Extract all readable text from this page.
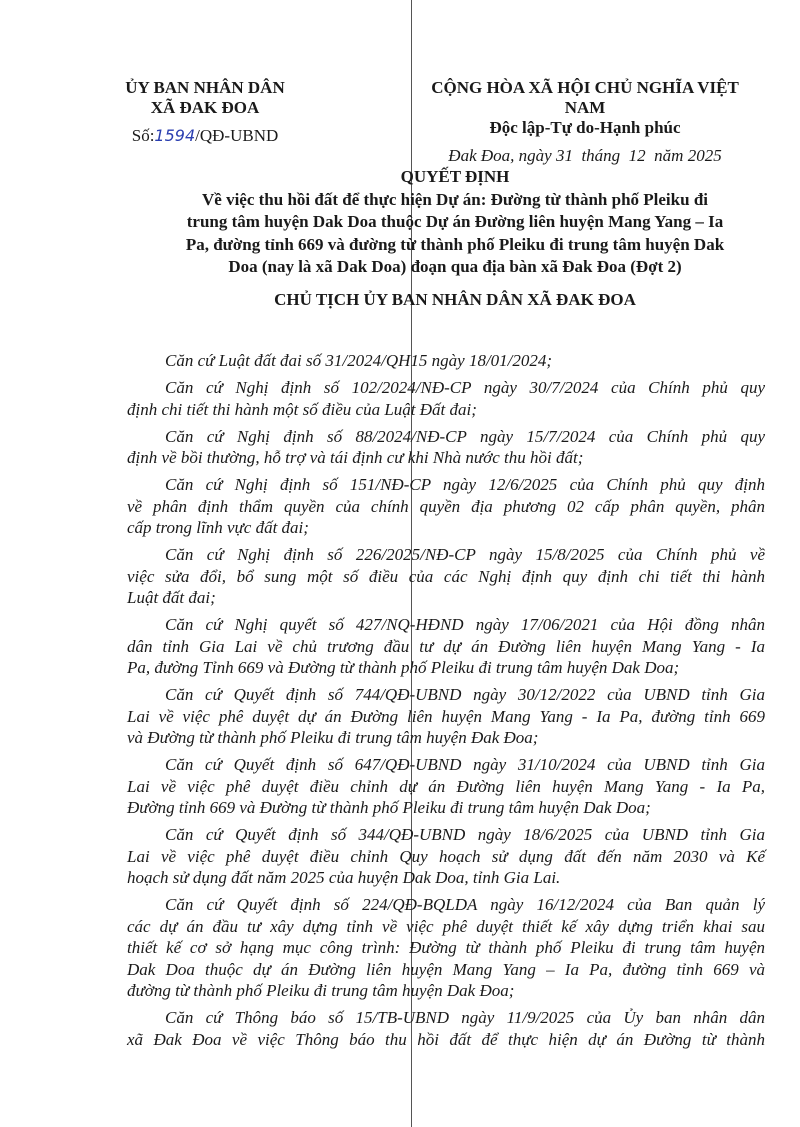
ỦY BAN NHÂN DÂN
XÃ ĐAK ĐOA
Số:1594/QĐ-UBND
CỘNG HÒA XÃ HỘI CHỦ NGHĨA VIỆT NAM
Độc lập-Tự do-Hạnh phúc
Đak Đoa, ngày 31  tháng  12  năm 2025
QUYẾT ĐỊNH
Về việc thu hồi đất để thực hiện Dự án: Đường từ thành phố Pleiku đi
trung tâm huyện Dak Doa thuộc Dự án Đường liên huyện Mang Yang – Ia
Pa, đường tỉnh 669 và đường từ thành phố Pleiku đi trung tâm huyện Dak
Doa (nay là xã Dak Doa) đoạn qua địa bàn xã Đak Đoa (Đợt 2)
CHỦ TỊCH ỦY BAN NHÂN DÂN XÃ ĐAK ĐOA
Căn cứ Luật đất đai số 31/2024/QH15 ngày 18/01/2024;
Căn cứ Nghị định số 102/2024/NĐ-CP ngày 30/7/2024 của Chính phủ quy
định chi tiết thi hành một số điều của Luật Đất đai;
Căn cứ Nghị định số 88/2024/NĐ-CP ngày 15/7/2024 của Chính phủ quy
định về bồi thường, hỗ trợ và tái định cư khi Nhà nước thu hồi đất;
Căn cứ Nghị định số 151/NĐ-CP ngày 12/6/2025 của Chính phủ quy định
về phân định thẩm quyền của chính quyền địa phương 02 cấp phân quyền, phân
cấp trong lĩnh vực đất đai;
Căn cứ Nghị định số 226/2025/NĐ-CP ngày 15/8/2025 của Chính phủ về
việc sửa đổi, bổ sung một số điều của các Nghị định quy định chi tiết thi hành
Luật đất đai;
Căn cứ Nghị quyết số 427/NQ-HĐND ngày 17/06/2021 của Hội đồng nhân
dân tỉnh Gia Lai về chủ trương đầu tư dự án Đường liên huyện Mang Yang - Ia
Pa, đường Tỉnh 669 và Đường từ thành phố Pleiku đi trung tâm huyện Dak Doa;
Căn cứ Quyết định số 744/QĐ-UBND ngày 30/12/2022 của UBND tỉnh Gia
Lai về việc phê duyệt dự án Đường liên huyện Mang Yang - Ia Pa, đường tỉnh 669
và Đường từ thành phố Pleiku đi trung tâm huyện Đak Đoa;
Căn cứ Quyết định số 647/QĐ-UBND ngày 31/10/2024 của UBND tỉnh Gia
Lai về việc phê duyệt điều chỉnh dự án Đường liên huyện Mang Yang - Ia Pa,
Đường tỉnh 669 và Đường từ thành phố Pleiku đi trung tâm huyện Dak Doa;
Căn cứ Quyết định số 344/QĐ-UBND ngày 18/6/2025 của UBND tỉnh Gia
Lai về việc phê duyệt điều chỉnh Quy hoạch sử dụng đất đến năm 2030 và Kế
hoạch sử dụng đất năm 2025 của huyện Dak Doa, tỉnh Gia Lai.
Căn cứ Quyết định số 224/QĐ-BQLDA ngày 16/12/2024 của Ban quản lý
các dự án đầu tư xây dựng tỉnh về việc phê duyệt thiết kế xây dựng triển khai sau
thiết kế cơ sở hạng mục công trình: Đường từ thành phố Pleiku đi trung tâm huyện
Dak Doa thuộc dự án Đường liên huyện Mang Yang – Ia Pa, đường tỉnh 669 và
đường từ thành phố Pleiku đi trung tâm huyện Dak Đoa;
Căn cứ Thông báo số 15/TB-UBND ngày 11/9/2025 của Ủy ban nhân dân
xã Đak Đoa về việc Thông báo thu hồi đất để thực hiện dự án Đường từ thành
